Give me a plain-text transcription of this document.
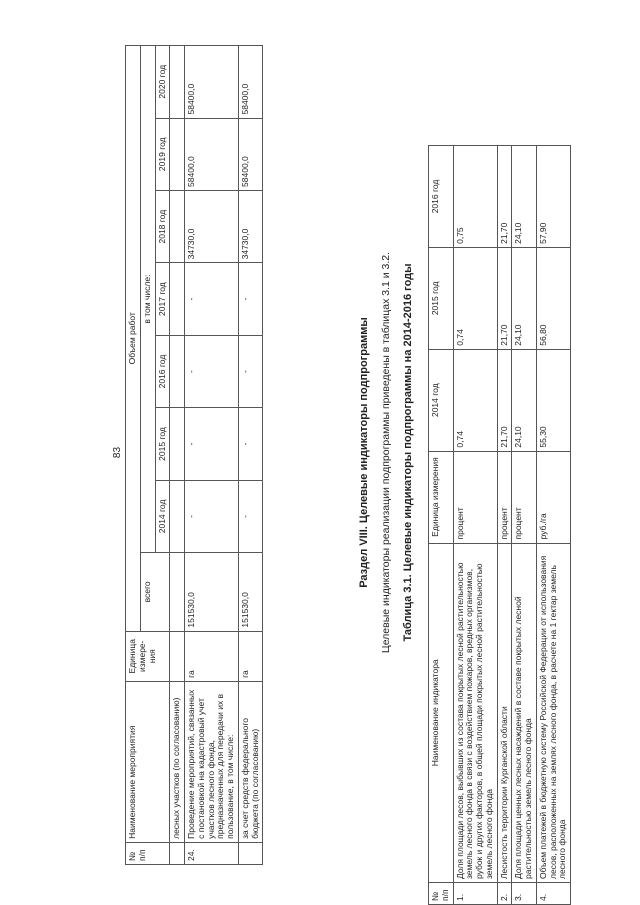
83
№ п/п	Наименование мероприятия	Единица измере-ния	Объем работ							
			всего	в том числе:						
				2014 год	2015 год	2016 год	2017 год	2018 год	2019 год	2020 год
	лесных участков (по согласованию)									
24.	Проведение мероприятий, связанных с постановкой на кадастровый учет участков лесного фонда, предназначенных для передачи их в пользование, в том числе:	га	151530,0	-	-	-	-	34730,0	58400,0	58400,0
	за счет средств федерального бюджета (по согласованию)	га	151530,0	-	-	-	-	34730,0	58400,0	58400,0
Раздел VIII. Целевые индикаторы подпрограммы Целевые индикаторы реализации подпрограммы приведены в таблицах 3.1 и 3.2. Таблица 3.1. Целевые индикаторы подпрограммы на 2014-2016 годы
№ п/п	Наименование индикатора	Единица измерения	2014 год	2015 год	2016 год
1.	Доля площади лесов, выбывших из состава покрытых лесной растительностью земель лесного фонда в связи с воздействием пожаров, вредных организмов, рубок и других факторов, в общей площади покрытых лесной растительностью земель лесного фонда	процент	0,74	0,74	0,75
2.	Лесистость территории Курганской области	процент	21,70	21,70	21,70
3.	Доля площади ценных лесных насаждений в составе покрытых лесной растительностью земель лесного фонда	процент	24,10	24,10	24,10
4.	Объем платежей в бюджетную систему Российской Федерации от использования лесов, расположенных на землях лесного фонда, в расчете на 1 гектар земель лесного фонда	руб./га	55,30	56,80	57,90
